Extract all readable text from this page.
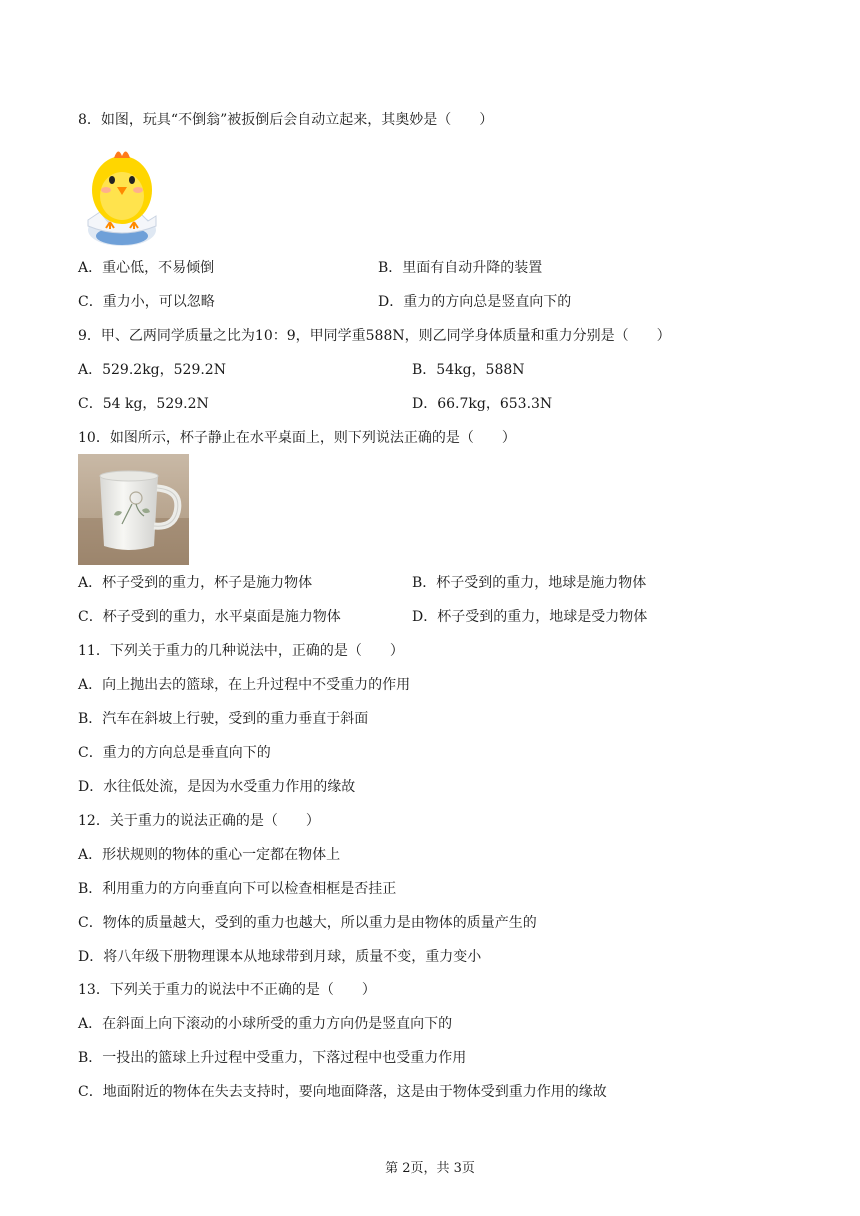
8．如图，玩具“不倒翁”被扳倒后会自动立起来，其奥妙是（　　）
A．重心低，不易倾倒	B．里面有自动升降的装置
C．重力小，可以忽略	D．重力的方向总是竖直向下的
9．甲、乙两同学质量之比为10：9，甲同学重588N，则乙同学身体质量和重力分别是（　　）
A．529.2kg，529.2N	B．54kg，588N
C．54 kg，529.2N	D．66.7kg，653.3N
10．如图所示，杯子静止在水平桌面上，则下列说法正确的是（　　）
A．杯子受到的重力，杯子是施力物体	B．杯子受到的重力，地球是施力物体
C．杯子受到的重力，水平桌面是施力物体	D．杯子受到的重力，地球是受力物体
11．下列关于重力的几种说法中，正确的是（　　）
A．向上抛出去的篮球，在上升过程中不受重力的作用
B．汽车在斜坡上行驶，受到的重力垂直于斜面
C．重力的方向总是垂直向下的
D．水往低处流，是因为水受重力作用的缘故
12．关于重力的说法正确的是（　　）
A．形状规则的物体的重心一定都在物体上
B．利用重力的方向垂直向下可以检查相框是否挂正
C．物体的质量越大，受到的重力也越大，所以重力是由物体的质量产生的
D．将八年级下册物理课本从地球带到月球，质量不变，重力变小
13．下列关于重力的说法中不正确的是（　　）
A．在斜面上向下滚动的小球所受的重力方向仍是竖直向下的
B．一投出的篮球上升过程中受重力，下落过程中也受重力作用
C．地面附近的物体在失去支持时，要向地面降落，这是由于物体受到重力作用的缘故
第 2页，共 3页
